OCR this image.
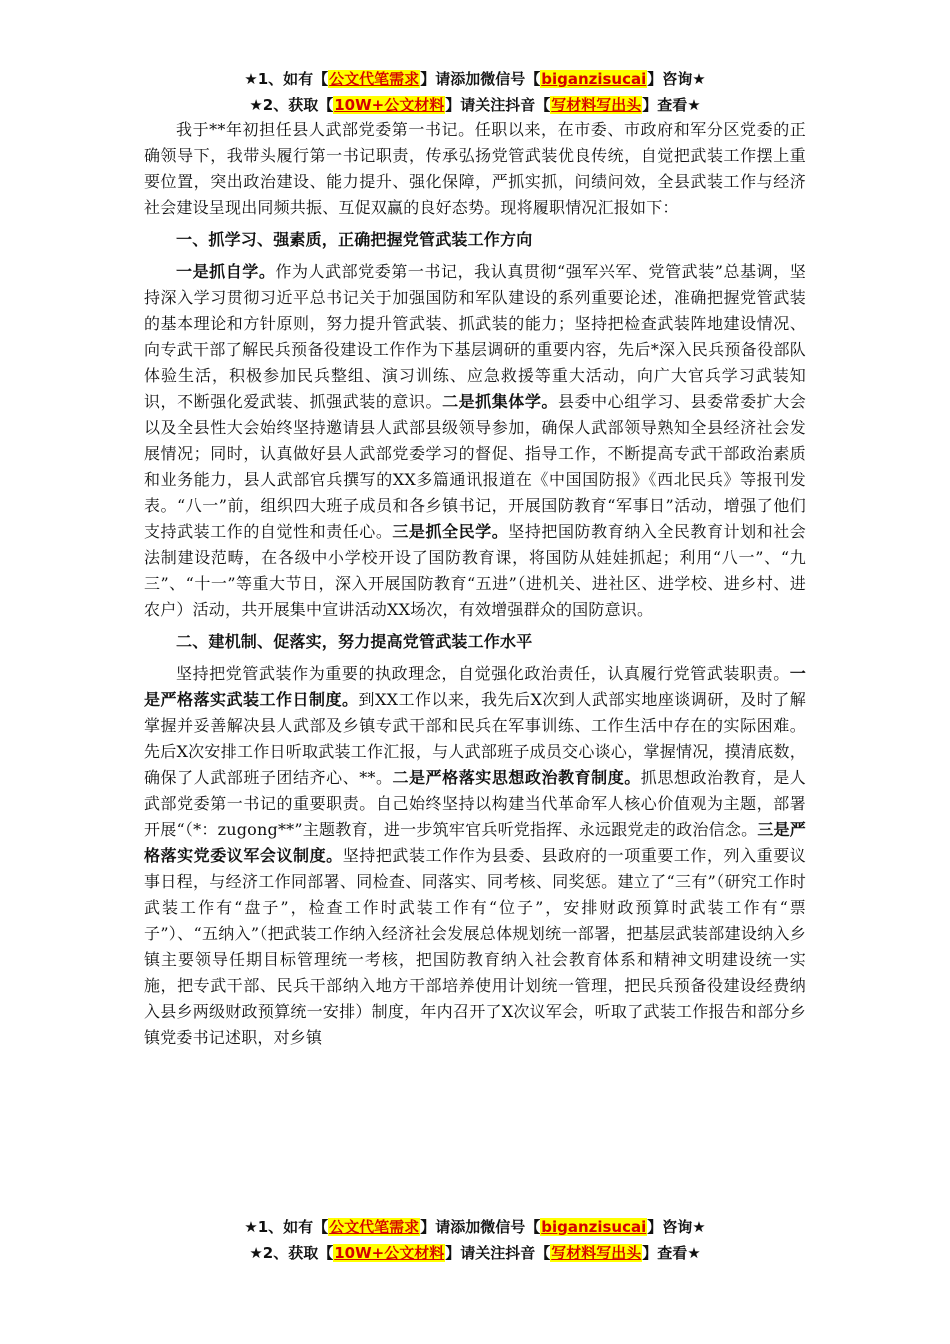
★1、如有【公文代笔需求】请添加微信号【biganzisucai】咨询★
★2、获取【10W+公文材料】请关注抖音【写材料写出头】查看★

我于**年初担任县人武部党委第一书记。任职以来，在市委、市政府和军分区党委的正确领导下，我带头履行第一书记职责，传承弘扬党管武装优良传统，自觉把武装工作摆上重要位置，突出政治建设、能力提升、强化保障，严抓实抓，问绩问效，全县武装工作与经济社会建设呈现出同频共振、互促双赢的良好态势。现将履职情况汇报如下：

一、抓学习、强素质，正确把握党管武装工作方向

一是抓自学。作为人武部党委第一书记，我认真贯彻“强军兴军、党管武装”总基调，坚持深入学习贯彻习近平总书记关于加强国防和军队建设的系列重要论述，准确把握党管武装的基本理论和方针原则，努力提升管武装、抓武装的能力；坚持把检查武装阵地建设情况、向专武干部了解民兵预备役建设工作作为下基层调研的重要内容，先后*深入民兵预备役部队体验生活，积极参加民兵整组、演习训练、应急救援等重大活动，向广大官兵学习武装知识，不断强化爱武装、抓强武装的意识。二是抓集体学。县委中心组学习、县委常委扩大会以及全县性大会始终坚持邀请县人武部县级领导参加，确保人武部领导熟知全县经济社会发展情况；同时，认真做好县人武部党委学习的督促、指导工作，不断提高专武干部政治素质和业务能力，县人武部官兵撰写的XX多篇通讯报道在《中国国防报》《西北民兵》等报刊发表。“八一”前，组织四大班子成员和各乡镇书记，开展国防教育“军事日”活动，增强了他们支持武装工作的自觉性和责任心。三是抓全民学。坚持把国防教育纳入全民教育计划和社会法制建设范畴，在各级中小学校开设了国防教育课，将国防从娃娃抓起；利用“八一”、“九三”、“十一”等重大节日，深入开展国防教育“五进”（进机关、进社区、进学校、进乡村、进农户）活动，共开展集中宣讲活动XX场次，有效增强群众的国防意识。

二、建机制、促落实，努力提高党管武装工作水平

坚持把党管武装作为重要的执政理念，自觉强化政治责任，认真履行党管武装职责。一是严格落实武装工作日制度。到XX工作以来，我先后X次到人武部实地座谈调研，及时了解掌握并妥善解决县人武部及乡镇专武干部和民兵在军事训练、工作生活中存在的实际困难。先后X次安排工作日听取武装工作汇报，与人武部班子成员交心谈心，掌握情况，摸清底数，确保了人武部班子团结齐心、**。二是严格落实思想政治教育制度。抓思想政治教育，是人武部党委第一书记的重要职责。自己始终坚持以构建当代革命军人核心价值观为主题，部署开展“（*：zugong**”主题教育，进一步筑牢官兵听党指挥、永远跟党走的政治信念。三是严格落实党委议军会议制度。坚持把武装工作作为县委、县政府的一项重要工作，列入重要议事日程，与经济工作同部署、同检查、同落实、同考核、同奖惩。建立了“三有”（研究工作时武装工作有“盘子”，检查工作时武装工作有“位子”，安排财政预算时武装工作有“票子”）、“五纳入”（把武装工作纳入经济社会发展总体规划统一部署，把基层武装部建设纳入乡镇主要领导任期目标管理统一考核，把国防教育纳入社会教育体系和精神文明建设统一实施，把专武干部、民兵干部纳入地方干部培养使用计划统一管理，把民兵预备役建设经费纳入县乡两级财政预算统一安排）制度，年内召开了X次议军会，听取了武装工作报告和部分乡镇党委书记述职，对乡镇

★1、如有【公文代笔需求】请添加微信号【biganzisucai】咨询★
★2、获取【10W+公文材料】请关注抖音【写材料写出头】查看★
